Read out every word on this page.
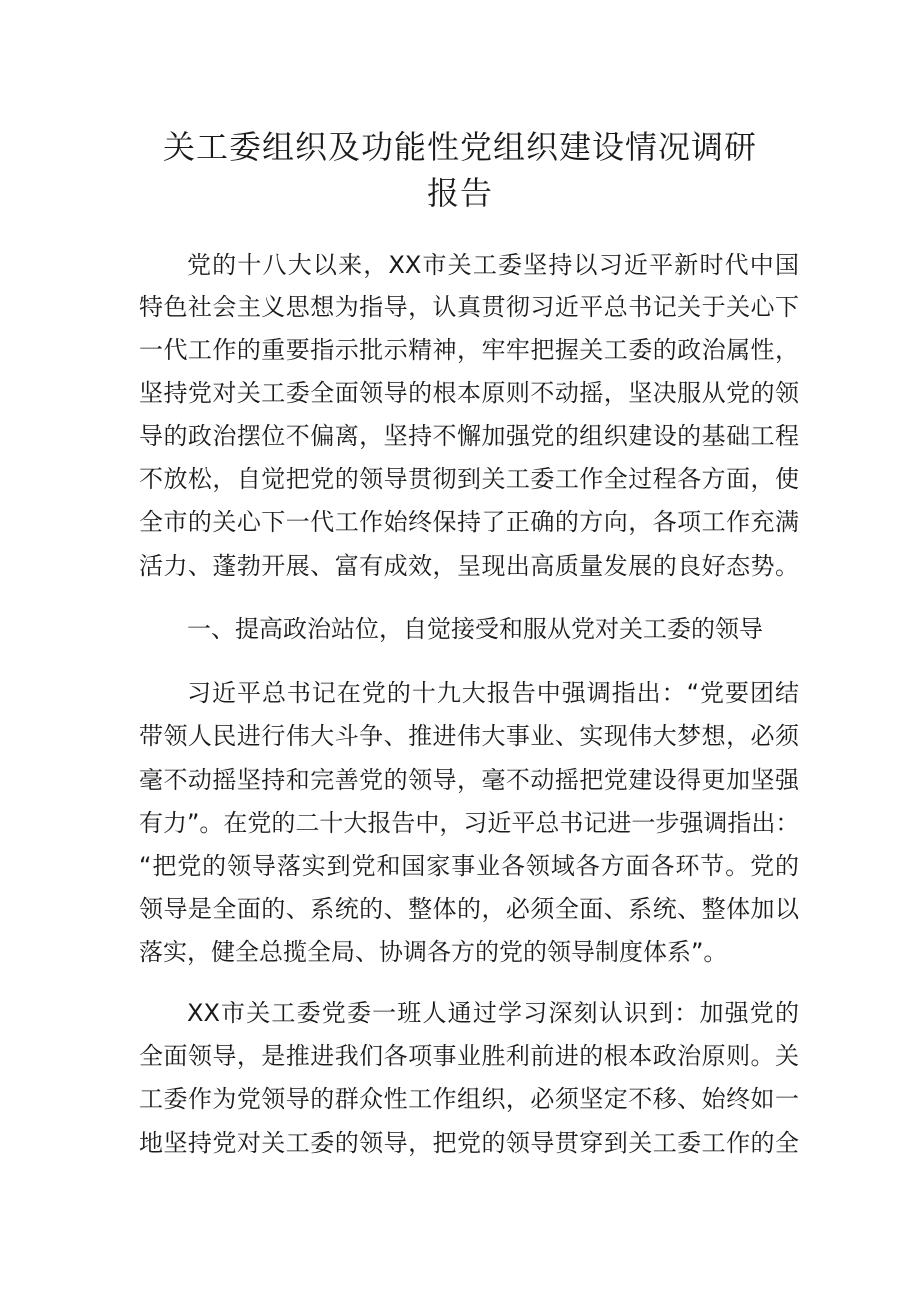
关工委组织及功能性党组织建设情况调研
报告

党的十八大以来，XX市关工委坚持以习近平新时代中国

特色社会主义思想为指导，认真贯彻习近平总书记关于关心下

一代工作的重要指示批示精神，牢牢把握关工委的政治属性，

坚持党对关工委全面领导的根本原则不动摇，坚决服从党的领

导的政治摆位不偏离，坚持不懈加强党的组织建设的基础工程

不放松，自觉把党的领导贯彻到关工委工作全过程各方面，使

全市的关心下一代工作始终保持了正确的方向，各项工作充满

活力、蓬勃开展、富有成效，呈现出高质量发展的良好态势。

一、提高政治站位，自觉接受和服从党对关工委的领导

习近平总书记在党的十九大报告中强调指出：“党要团结

带领人民进行伟大斗争、推进伟大事业、实现伟大梦想，必须

毫不动摇坚持和完善党的领导，毫不动摇把党建设得更加坚强

有力”。在党的二十大报告中，习近平总书记进一步强调指出：

“把党的领导落实到党和国家事业各领域各方面各环节。党的

领导是全面的、系统的、整体的，必须全面、系统、整体加以

落实，健全总揽全局、协调各方的党的领导制度体系”。

XX市关工委党委一班人通过学习深刻认识到：加强党的

全面领导，是推进我们各项事业胜利前进的根本政治原则。关

工委作为党领导的群众性工作组织，必须坚定不移、始终如一

地坚持党对关工委的领导，把党的领导贯穿到关工委工作的全
